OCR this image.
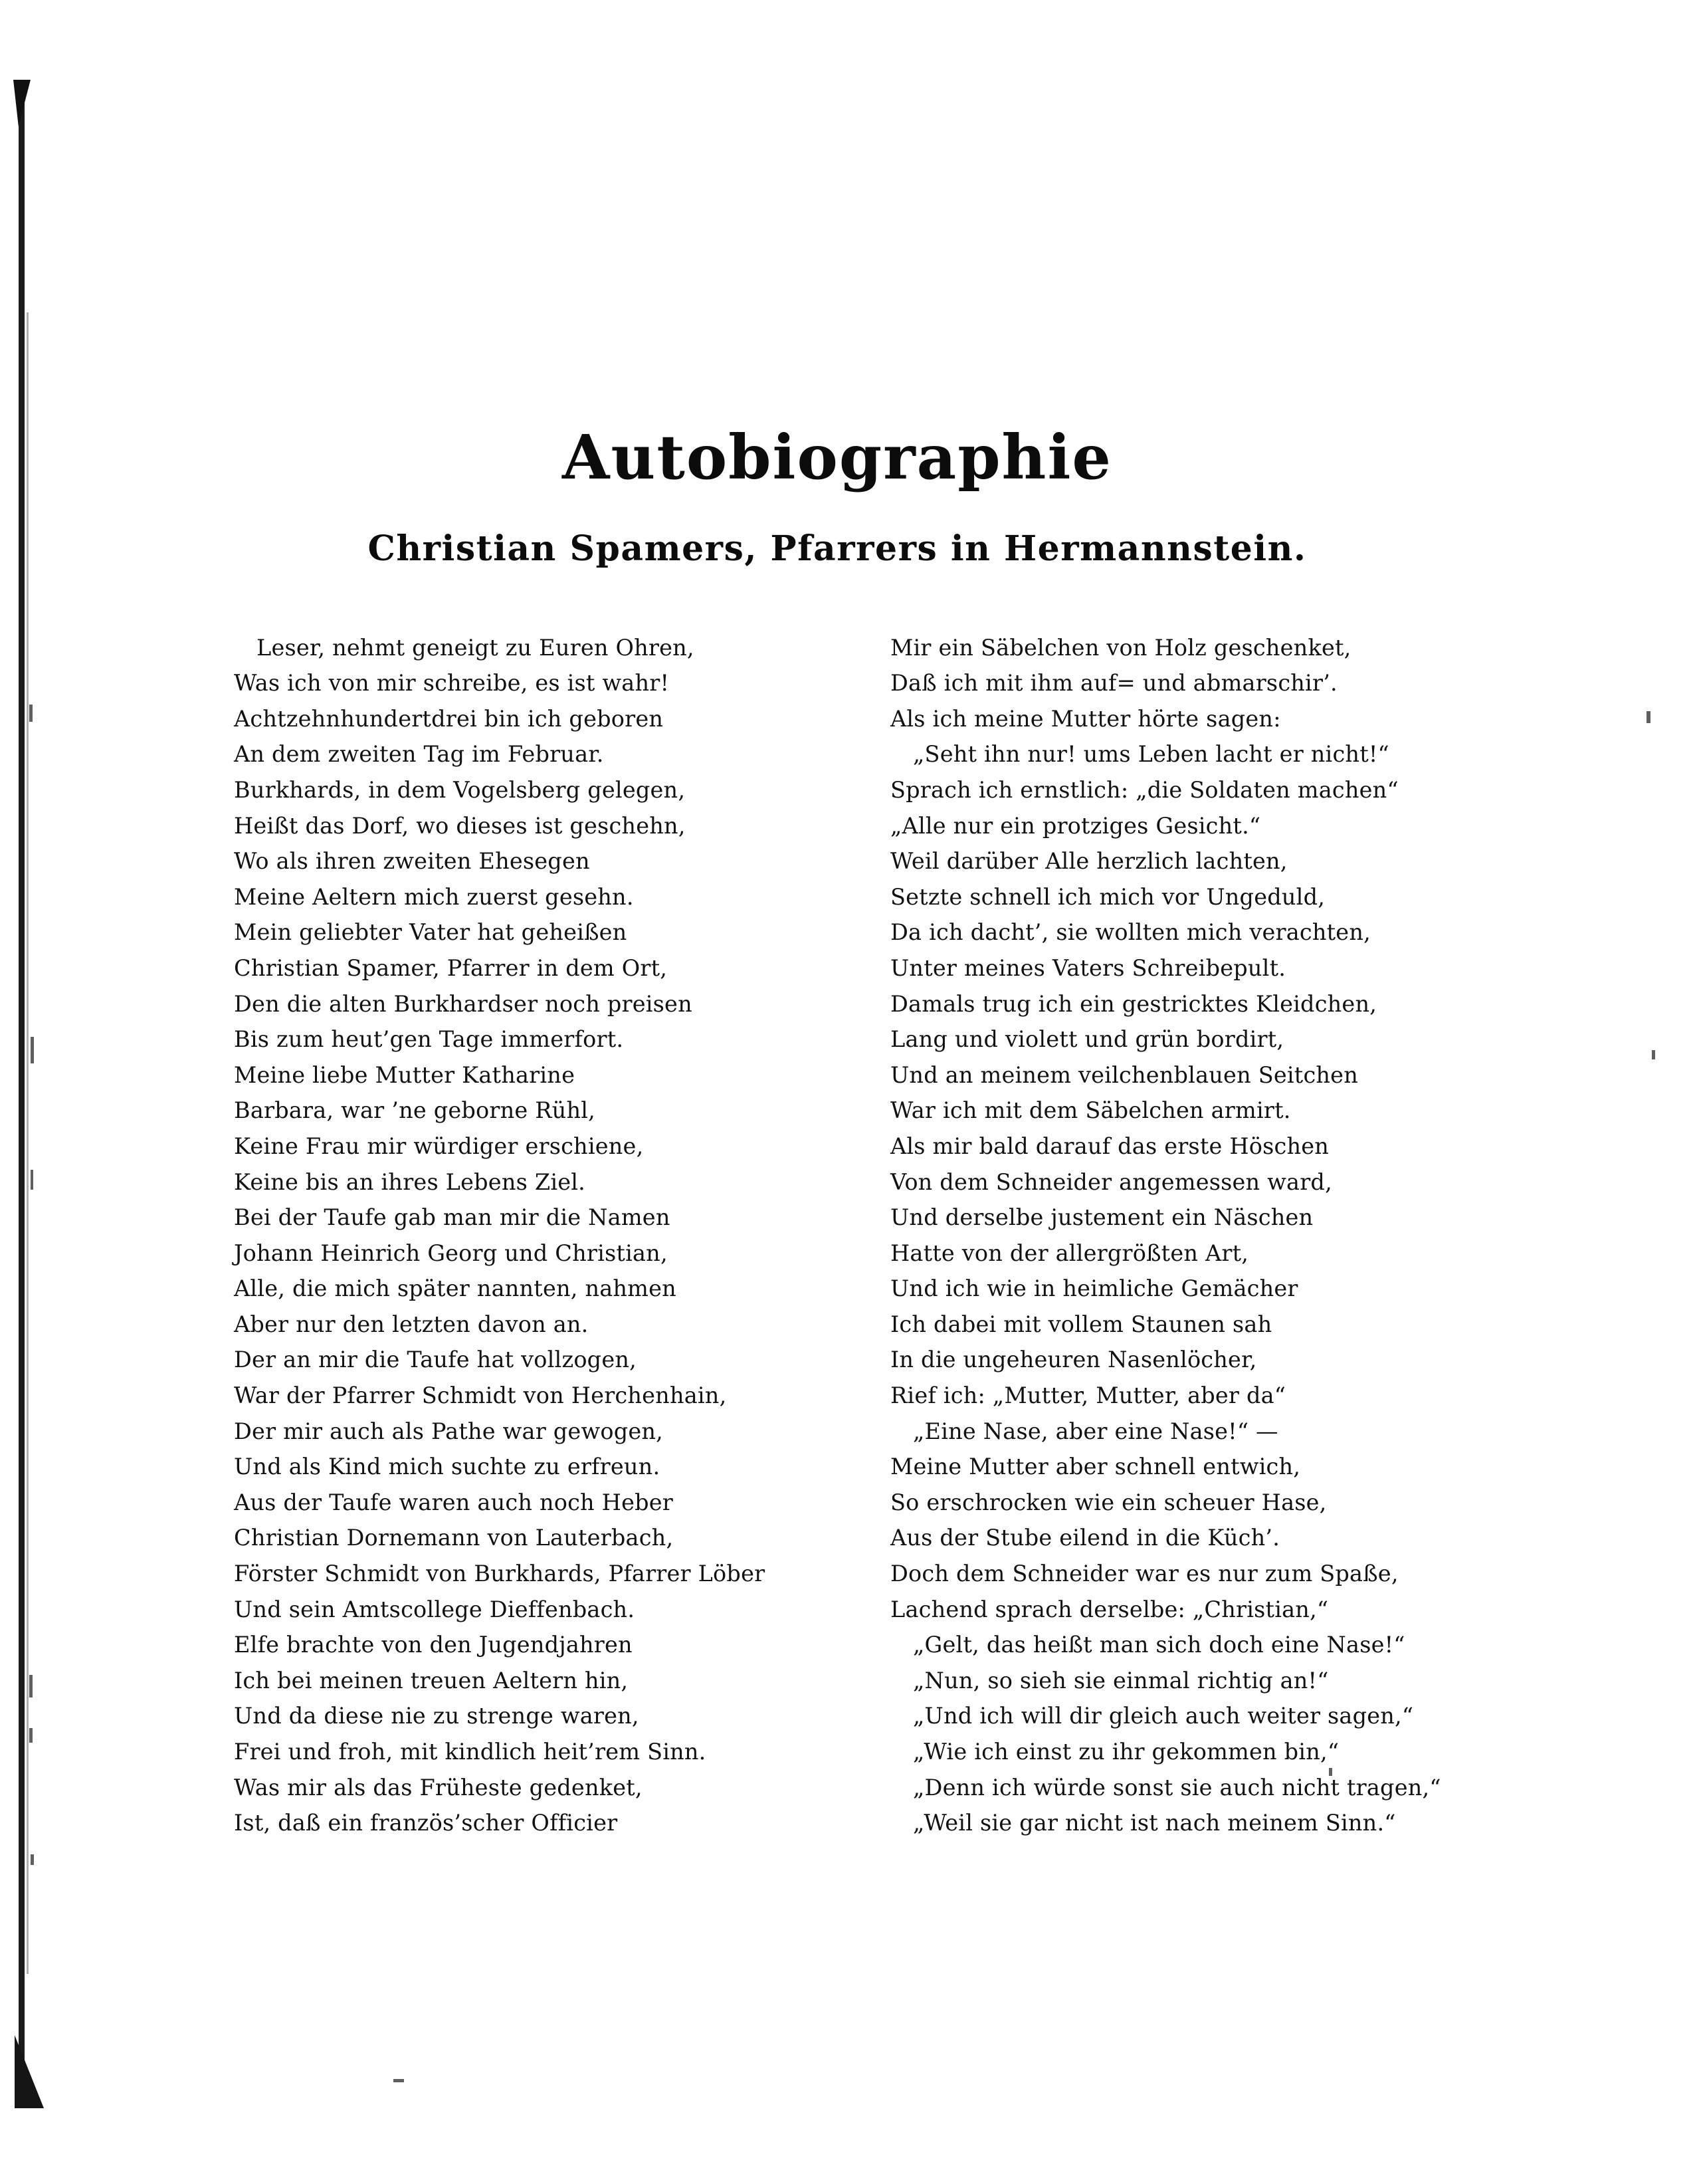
Autobiographie
Christian Spamers, Pfarrers in Hermannstein.
Leser, nehmt geneigt zu Euren Ohren,
Was ich von mir schreibe, es ist wahr!
Achtzehnhundertdrei bin ich geboren
An dem zweiten Tag im Februar.
Burkhards, in dem Vogelsberg gelegen,
Heißt das Dorf, wo dieses ist geschehn,
Wo als ihren zweiten Ehesegen
Meine Aeltern mich zuerst gesehn.
Mein geliebter Vater hat geheißen
Christian Spamer, Pfarrer in dem Ort,
Den die alten Burkhardser noch preisen
Bis zum heut’gen Tage immerfort.
Meine liebe Mutter Katharine
Barbara, war ’ne geborne Rühl,
Keine Frau mir würdiger erschiene,
Keine bis an ihres Lebens Ziel.
Bei der Taufe gab man mir die Namen
Johann Heinrich Georg und Christian,
Alle, die mich später nannten, nahmen
Aber nur den letzten davon an.
Der an mir die Taufe hat vollzogen,
War der Pfarrer Schmidt von Herchenhain,
Der mir auch als Pathe war gewogen,
Und als Kind mich suchte zu erfreun.
Aus der Taufe waren auch noch Heber
Christian Dornemann von Lauterbach,
Förster Schmidt von Burkhards, Pfarrer Löber
Und sein Amtscollege Dieffenbach.
Elfe brachte von den Jugendjahren
Ich bei meinen treuen Aeltern hin,
Und da diese nie zu strenge waren,
Frei und froh, mit kindlich heit’rem Sinn.
Was mir als das Früheste gedenket,
Ist, daß ein französ’scher Officier
Mir ein Säbelchen von Holz geschenket,
Daß ich mit ihm auf= und abmarschir’.
Als ich meine Mutter hörte sagen:
„Seht ihn nur! ums Leben lacht er nicht!“
Sprach ich ernstlich: „die Soldaten machen“
„Alle nur ein protziges Gesicht.“
Weil darüber Alle herzlich lachten,
Setzte schnell ich mich vor Ungeduld,
Da ich dacht’, sie wollten mich verachten,
Unter meines Vaters Schreibepult.
Damals trug ich ein gestricktes Kleidchen,
Lang und violett und grün bordirt,
Und an meinem veilchenblauen Seitchen
War ich mit dem Säbelchen armirt.
Als mir bald darauf das erste Höschen
Von dem Schneider angemessen ward,
Und derselbe justement ein Näschen
Hatte von der allergrößten Art,
Und ich wie in heimliche Gemächer
Ich dabei mit vollem Staunen sah
In die ungeheuren Nasenlöcher,
Rief ich: „Mutter, Mutter, aber da“
„Eine Nase, aber eine Nase!“ —
Meine Mutter aber schnell entwich,
So erschrocken wie ein scheuer Hase,
Aus der Stube eilend in die Küch’.
Doch dem Schneider war es nur zum Spaße,
Lachend sprach derselbe: „Christian,“
„Gelt, das heißt man sich doch eine Nase!“
„Nun, so sieh sie einmal richtig an!“
„Und ich will dir gleich auch weiter sagen,“
„Wie ich einst zu ihr gekommen bin,“
„Denn ich würde sonst sie auch nicht tragen,“
„Weil sie gar nicht ist nach meinem Sinn.“
